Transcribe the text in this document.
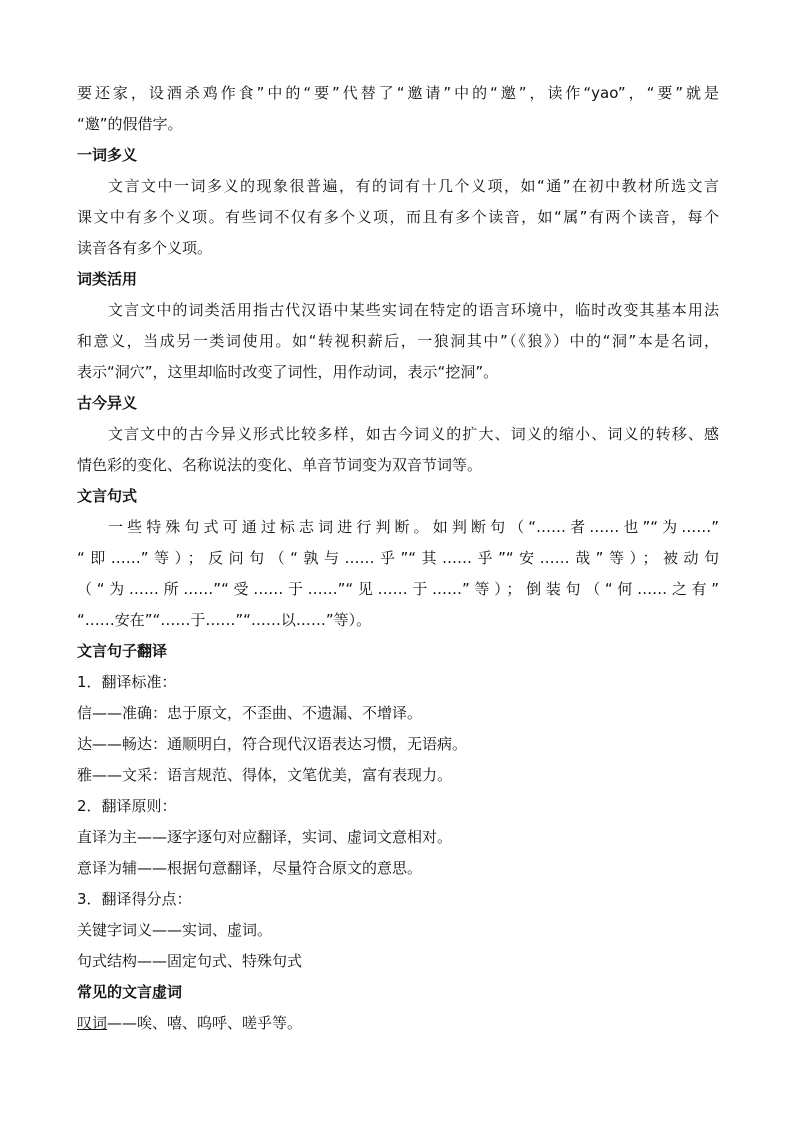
要还家，设酒杀鸡作食”中的“要”代替了“邀请”中的“邀”，读作“yao”，“要”就是
“邀”的假借字。
一词多义
文言文中一词多义的现象很普遍，有的词有十几个义项，如“通”在初中教材所选文言
课文中有多个义项。有些词不仅有多个义项，而且有多个读音，如“属”有两个读音，每个
读音各有多个义项。
词类活用
文言文中的词类活用指古代汉语中某些实词在特定的语言环境中，临时改变其基本用法
和意义，当成另一类词使用。如“转视积薪后，一狼洞其中”（《狼》）中的“洞”本是名词，
表示“洞穴”，这里却临时改变了词性，用作动词，表示“挖洞”。
古今异义
文言文中的古今异义形式比较多样，如古今词义的扩大、词义的缩小、词义的转移、感
情色彩的变化、名称说法的变化、单音节词变为双音节词等。
文言句式
一些特殊句式可通过标志词进行判断。如判断句（“……者……也”“为……”
“即……”等）；反问句（“孰与……乎”“其……乎”“安……哉”等）；被动句
（“为……所……”“受……于……”“见……于……”等）；倒装句（“何……之有”
“……安在”“……于……”“……以……”等）。
文言句子翻译
1．翻译标准：
信——准确：忠于原文，不歪曲、不遗漏、不增译。
达——畅达：通顺明白，符合现代汉语表达习惯，无语病。
雅——文采：语言规范、得体，文笔优美，富有表现力。
2．翻译原则：
直译为主——逐字逐句对应翻译，实词、虚词文意相对。
意译为辅——根据句意翻译，尽量符合原文的意思。
3．翻译得分点：
关键字词义——实词、虚词。
句式结构——固定句式、特殊句式
常见的文言虚词
叹词——唉、嘻、呜呼、嗟乎等。
